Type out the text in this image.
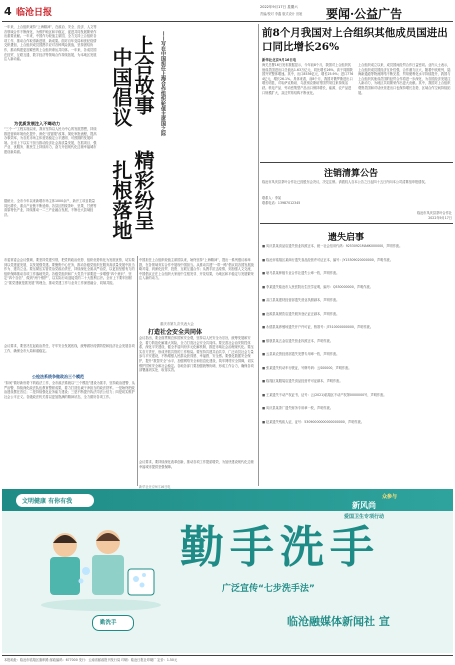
4 临沧日报
2022年9月17日 星期六
责编/校对 李鑫 版式设计 田娅 要闻·公益广告
一年来，上合组织秉持“上海精神”，在政治、安全、经济、人文等各领域合作不断深化，为维护地区和平稳定、促进共同发展繁荣作出重要贡献。一年来，中国作为轮值主席国，全力支持上合组织各项工作，推动合作取得新进展、新成果。面对百年变局和世纪疫情交织叠加，上合组织成员国携手应对各种风险挑战，坚持团结协作，推动构建更加紧密的上合组织命运共同体。一年来，各成员国在经贸、互联互通、数字经济等领域合作持续拓展，为本地区发展注入新动能。
为优质发展注入不竭动力
“三个一”工程实施以来，我市坚持以人民为中心的发展思想，持续推进营商环境优化提升，深化“放管服”改革，简化审批流程，提高办事效率，为各类市场主体营造稳定公平透明、可预期的发展环境。全市上下以实干担当推动经济社会高质量发展，在抓项目、强产业、优服务、惠民生上持续用力，奋力开创现代化边境幸福城市建设新局面。
据统计，全市今年以来新增市场主体1000余户，新开工项目数量同比增长，重点产业链不断延伸。各县区围绕茶叶、坚果、甘蔗等高原特色产业，持续推动一二三产业融合发展，不断壮大县域经济。
市委常委会会议强调，要坚持党建引领，把党的政治优势、组织优势转化为发展优势，切实做到以党建促发展、以发展强党建。要聚焦中心任务，推动各级党组织在服务高质量发展中担当作为、建功立业。要压紧压实管党治党政治责任，持续深化全面从严治党，以更加坚强有力的组织保障推动各项工作落地见效。各级党组织和广大党员干部要进一步增强“四个意识”、坚定“四个自信”、做到“两个维护”，以实际行动迎接党的二十大胜利召开。全市上下要牢固树立“抓党建就是抓发展”的理念，推动党建工作与业务工作深度融合、同频共振。
会议要求，要坚决扛起政治责任，守牢安全发展底线，统筹做好疫情防控和经济社会发展各项工作，确保全市大局和谐稳定。
公检法系统争做政治三个模范
“如何”做好新形势下的政法工作，全市政法系统以“三个模范”建设为抓手，坚持政治建警、从严治警，持续深化政法队伍教育整顿成果，着力打造忠诚干净担当的政法铁军。一是始终把政治建设摆在首位；二是持续强化业务能力建设；三是不断提升执法司法公信力；四是切实维护社会公平正义。各级政法机关将以更加饱满的精神状态，全力做好各项工作。
上合故事
中国倡议
精彩纷呈
扎根落地
——写在中国担任上海合作组织轮值主席国之际
中国担任上合组织轮值主席国以来，始终坚持“上海精神”，提出一系列倡议和举措，在各领域务实合作中展现中国担当。从推动共建“一带一路”倡议同各国发展战略对接，到深化经贸、投资、互联互通合作；从携手抗击疫情，到加强人文交流，中国倡议正在上合组织大家庭中生根发芽、开花结果，为地区和平稳定与发展繁荣注入新的动力。
重庆市第九次代表大会
打造社会安全共同体
会议指出，要全面贯彻总体国家安全观，坚持以人民安全为宗旨，统筹发展和安全，着力防范化解重大风险，全力打造社会安全共同体。要完善社会治安防控体系，深化平安建设，健全矛盾纠纷多元化解机制，推进市域社会治理现代化。要压实各方责任，形成齐抓共管的工作格局。要坚持共建共治共享，广泛动员社会力量参与平安建设，不断增强人民群众获得感、幸福感、安全感。要强化数据安全保护，提升“数智安全”水平，加强网络安全和信息化建设，筑牢网络安全屏障，切实维护国家安全和社会稳定。各地各部门要加强统筹协调，形成工作合力，确保各项部署落到实处、取得实效。
会议要求，要持续深化改革创新，推动各项工作提质增效，为加快建设现代化边境幸福城市提供坚强保障。
新华社北京9月16日电
前8个月我国对上合组织其他成员国进出口同比增长26%
新华社北京9月16日电
海关总署16日发布数据显示，今年前8个月，我国对上合组织其他成员国进出口总值达1.63万亿元，同比增长26%，高于同期我国外贸整体增速。其中，出口8536亿元，增长25.9%；进口7764亿元，增长26.1%。具体来看，前8个月，我国对俄罗斯进出口增长明显，对哈萨克斯坦、乌兹别克斯坦等国贸易往来持续活跃。机电产品、劳动密集型产品出口保持增长，能源、农产品进口规模扩大，双边贸易结构不断优化。
上合组织成立以来，成员国间经贸合作日益密切。业内人士表示，上合组织成员国经济互补性强，合作潜力巨大，随着中欧班列、陆海新通道等物流网络不断完善，贸易便利化水平持续提升，我国与上合组织其他成员国的经贸合作将进一步深化，为各国经济发展注入新动力，为地区共同繁荣作出更大贡献。其中，我国对上合组织观察员国和对话伙伴进出口也保持增长态势，区域合作空间持续拓展。
注销清算公告
临沧市凤庆县茶叶合作社已经股东会决议，决定注销。请债权人自本公告之日起四十五日内向本公司清算组申报债权。
联系人：李某
联系电话：13987012345
临沧市凤庆县茶叶合作社
2022年9月17日
遗失启事
■ 凤庆县某食品店遗失营业执照正本，统一社会信用代码：92530921MA6K000000，声明作废。
■ 临沧市临翔区某商行遗失食品经营许可证正本，编号：JY15309020000000，声明作废。
■ 耿马县某种植专业合作社遗失公章一枚，声明作废。
■ 李某遗失临沧市人民医院出生医学证明，编号：Q530000000，声明作废。
■ 双江县某建材经营部遗失营业执照副本，声明作废。
■ 沧源县某餐饮店遗失税务登记证正副本，声明作废。
■ 永德县某养殖场遗失开户许可证，核准号：J7510000000000，声明作废。
■ 镇康县某五金店遗失营业执照正本，声明作废。
■ 云县某农资经营部遗失发票专用章一枚，声明作废。
■ 张某遗失机动车行驶证，号牌号码：云S00000，声明作废。
■ 临翔区某服装店遗失食品经营许可证副本，声明作废。
■ 王某遗失不动产权证书，证号：云(2021)临翔区不动产权第0000000号，声明作废。
■ 凤庆县某茶厂遗失财务专用章一枚，声明作废。
■ 赵某遗失残疾人证，证号：53090000000000000000，声明作废。
文明健康 有你有我
众参与
新风尚
爱国卫生专项行动
勤洗手
勤手洗手
广泛宣传“七步洗手法”
临沧融媒体新闻社 宣
本报地址：临沧市临翔区旗帜路 邮政编码：677000 发行：云南省邮政报刊发行局 印刷：临沧日报社印刷厂 定价：1.50元
